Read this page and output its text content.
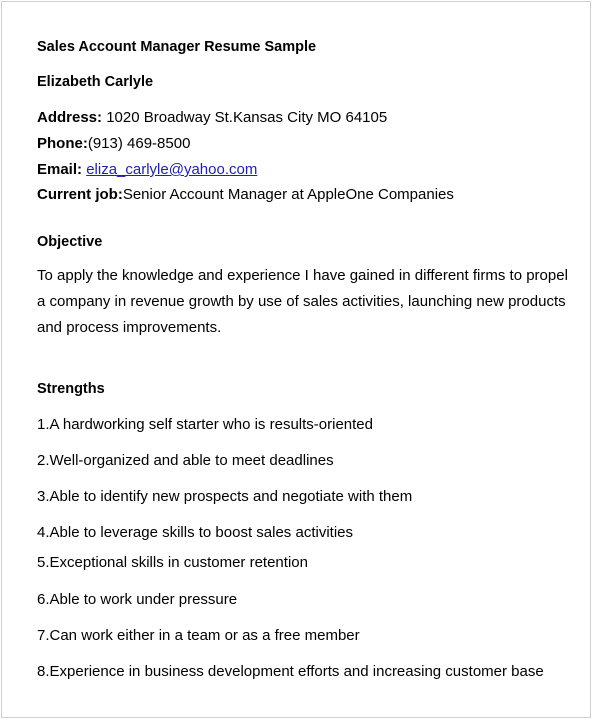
Sales Account Manager Resume Sample
Elizabeth Carlyle
Address: 1020 Broadway St.Kansas City MO 64105
Phone:(913) 469-8500
Email: eliza_carlyle@yahoo.com
Current job:Senior Account Manager at AppleOne Companies
Objective
To apply the knowledge and experience I have gained in different firms to propel
a company in revenue growth by use of sales activities, launching new products
and process improvements.
Strengths
1.A hardworking self starter who is results-oriented
2.Well-organized and able to meet deadlines
3.Able to identify new prospects and negotiate with them
4.Able to leverage skills to boost sales activities
5.Exceptional skills in customer retention
6.Able to work under pressure
7.Can work either in a team or as a free member
8.Experience in business development efforts and increasing customer base
